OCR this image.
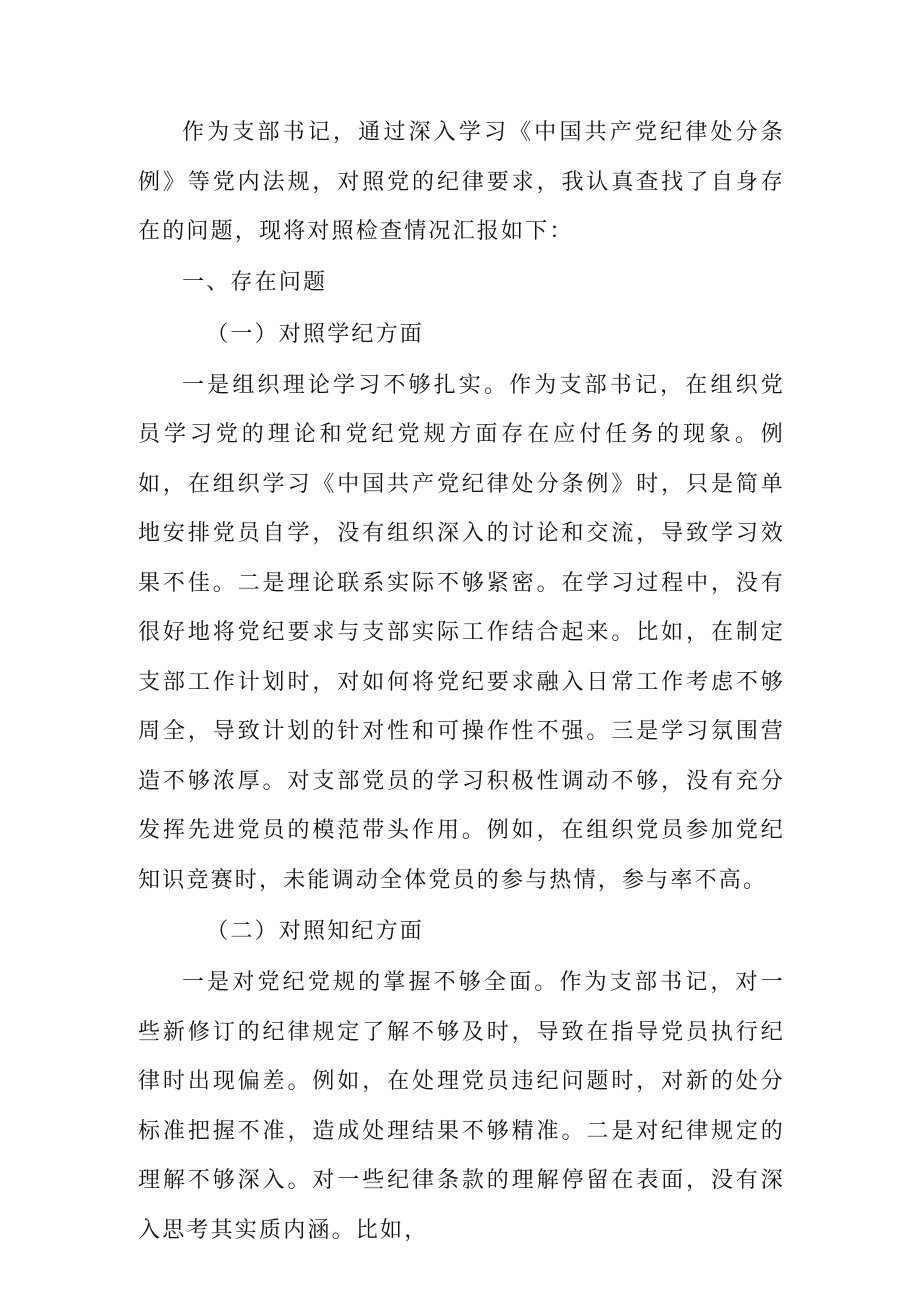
作为支部书记，通过深入学习《中国共产党纪律处分条例》等党内法规，对照党的纪律要求，我认真查找了自身存在的问题，现将对照检查情况汇报如下：

一、存在问题

（一）对照学纪方面

一是组织理论学习不够扎实。作为支部书记，在组织党员学习党的理论和党纪党规方面存在应付任务的现象。例如，在组织学习《中国共产党纪律处分条例》时，只是简单地安排党员自学，没有组织深入的讨论和交流，导致学习效果不佳。二是理论联系实际不够紧密。在学习过程中，没有很好地将党纪要求与支部实际工作结合起来。比如，在制定支部工作计划时，对如何将党纪要求融入日常工作考虑不够周全，导致计划的针对性和可操作性不强。三是学习氛围营造不够浓厚。对支部党员的学习积极性调动不够，没有充分发挥先进党员的模范带头作用。例如，在组织党员参加党纪知识竞赛时，未能调动全体党员的参与热情，参与率不高。

（二）对照知纪方面

一是对党纪党规的掌握不够全面。作为支部书记，对一些新修订的纪律规定了解不够及时，导致在指导党员执行纪律时出现偏差。例如，在处理党员违纪问题时，对新的处分标准把握不准，造成处理结果不够精准。二是对纪律规定的理解不够深入。对一些纪律条款的理解停留在表面，没有深入思考其实质内涵。比如，
